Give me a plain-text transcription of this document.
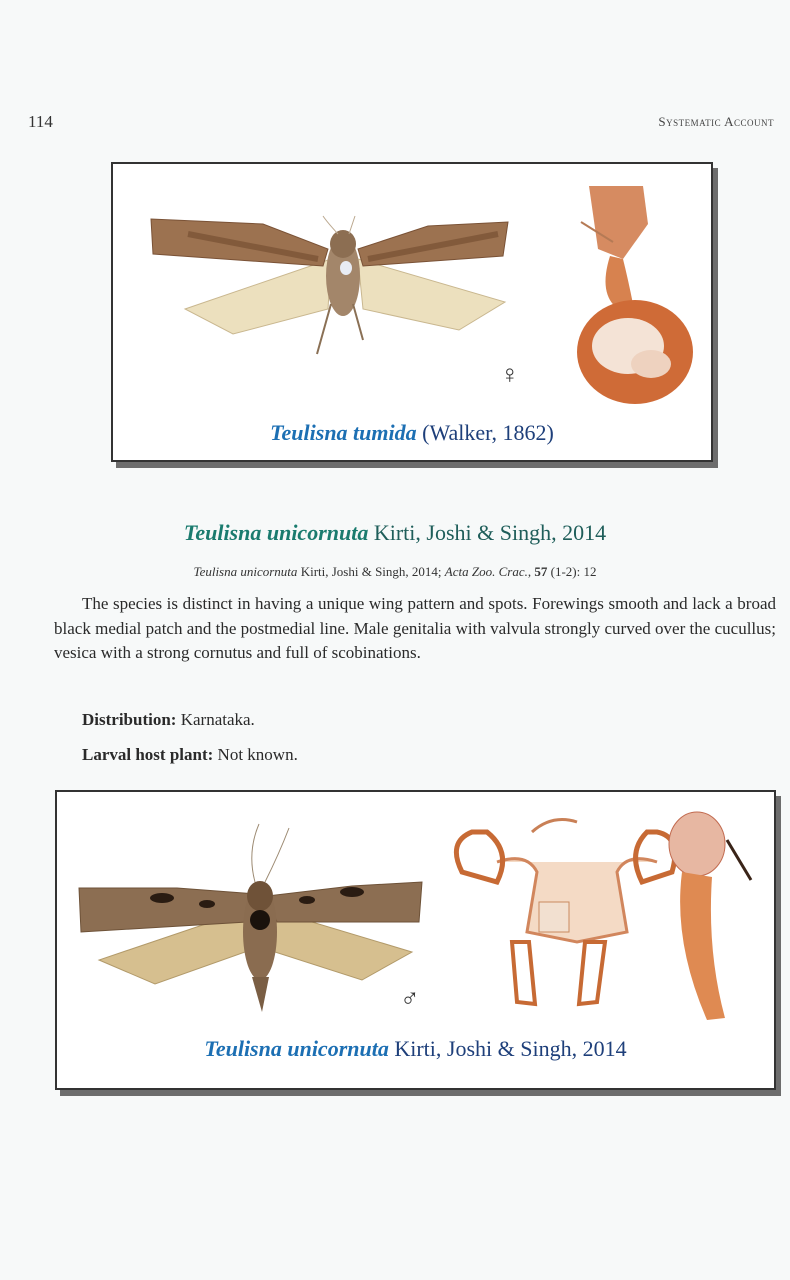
114	Systematic Account
♀
Teulisna tumida (Walker, 1862)
Teulisna unicornuta Kirti, Joshi & Singh, 2014
Teulisna unicornuta Kirti, Joshi & Singh, 2014; Acta Zoo. Crac., 57 (1-2): 12

The species is distinct in having a unique wing pattern and spots. Forewings smooth and lack a broad black medial patch and the postmedial line. Male genitalia with valvula strongly curved over the cucullus; vesica with a strong cornutus and full of scobinations.

Distribution: Karnataka.
Larval host plant: Not known.
♂
Teulisna unicornuta Kirti, Joshi & Singh, 2014
